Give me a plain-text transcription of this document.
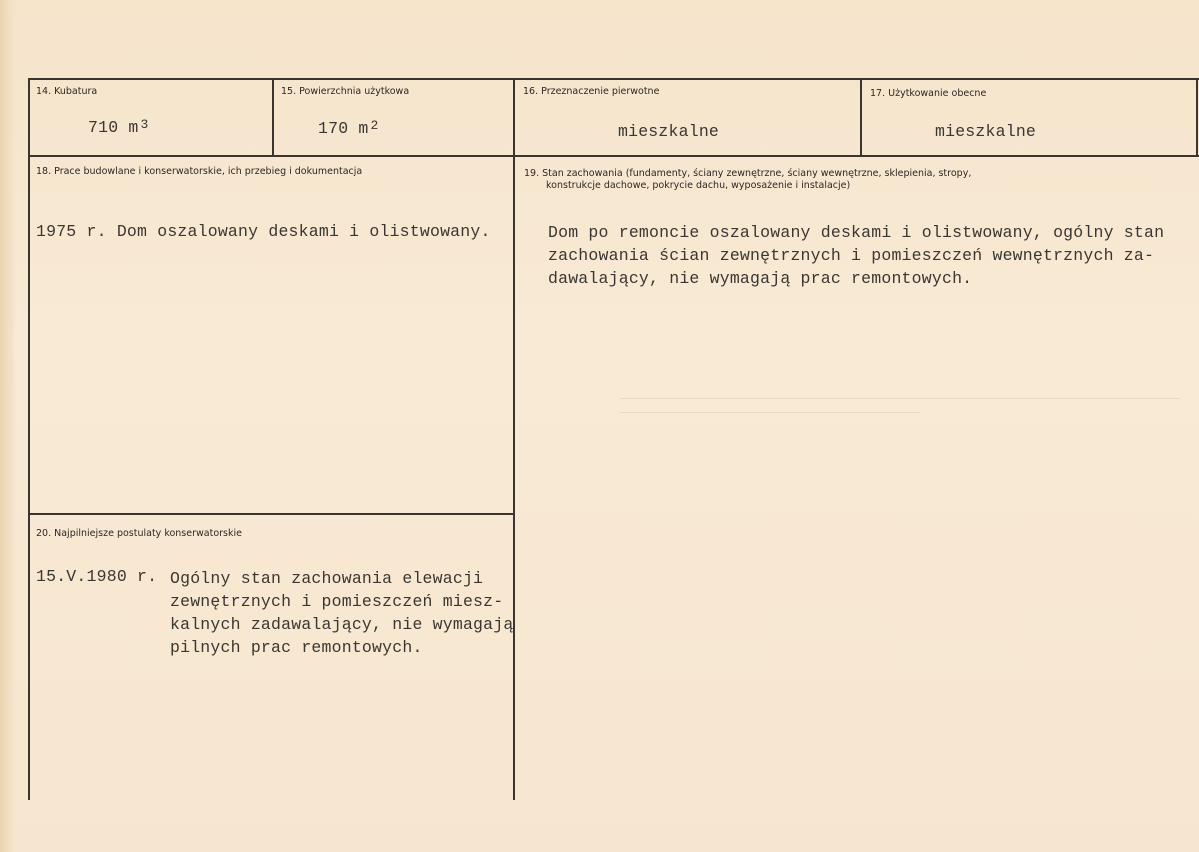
14. Kubatura
710 m $^3$
15. Powierzchnia użytkowa
170 m $^2$
16. Przeznaczenie pierwotne
mieszkalne
17. Użytkowanie obecne
mieszkalne
18. Prace budowlane i konserwatorskie, ich przebieg i dokumentacja
1975 r. Dom oszalowany deskami i olistwowany.
19. Stan zachowania (fundamenty, ściany zewnętrzne, ściany wewnętrzne, sklepienia, stropy,
konstrukcje dachowe, pokrycie dachu, wyposażenie i instalacje)
Dom po remoncie oszalowany deskami i olistwowany, ogólny stan
zachowania ścian zewnętrznych i pomieszczeń wewnętrznych za-
dawalający, nie wymagają prac remontowych.
20. Najpilniejsze postulaty konserwatorskie
15.V.1980 r. Ogólny stan zachowania elewacji
zewnętrznych i pomieszczeń miesz-
kalnych zadawalający, nie wymagają
pilnych prac remontowych.
